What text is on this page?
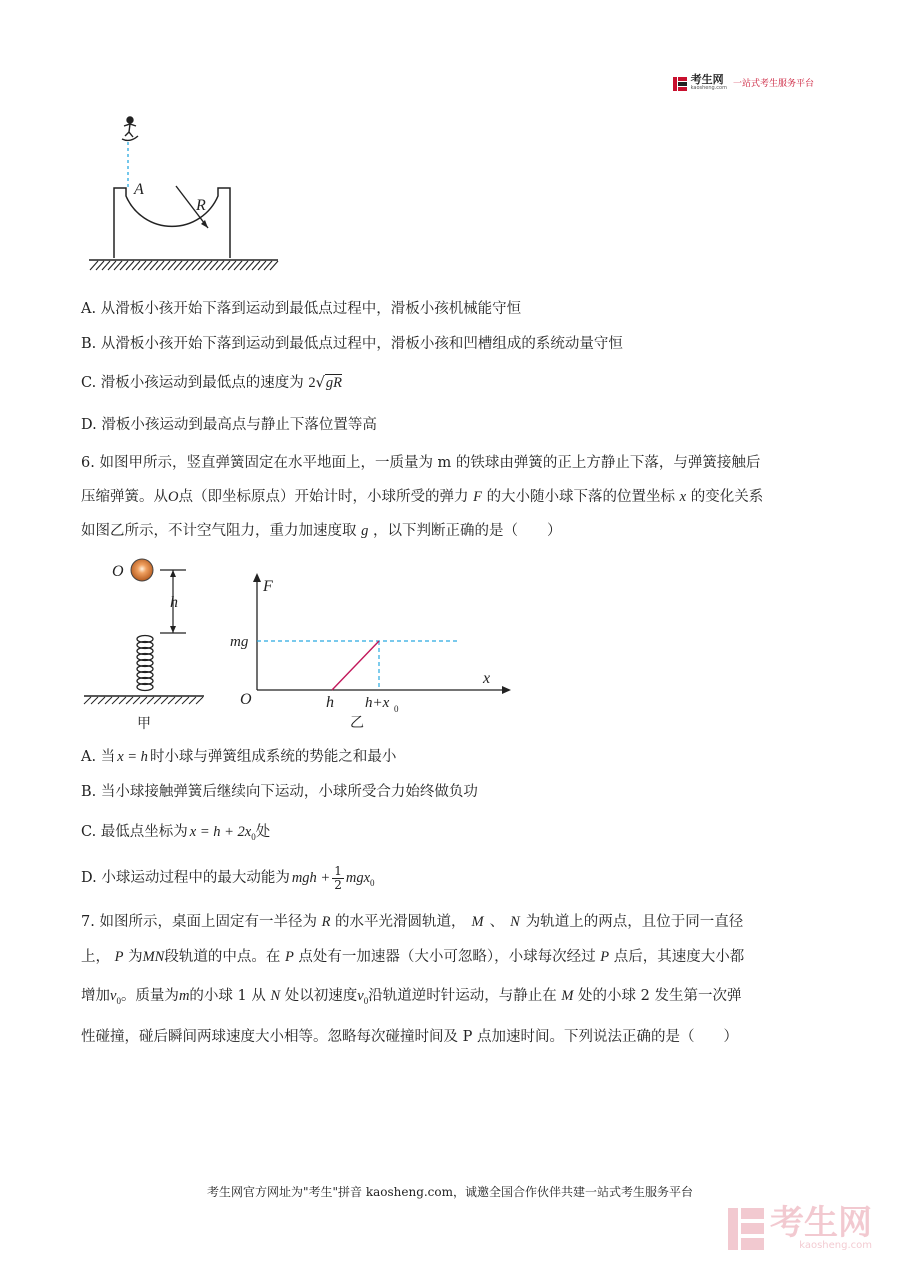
考生网
kaosheng.com 一站式考生服务平台
A
R
A. 从滑板小孩开始下落到运动到最低点过程中，滑板小孩机械能守恒
B. 从滑板小孩开始下落到运动到最低点过程中，滑板小孩和凹槽组成的系统动量守恒
C. 滑板小孩运动到最低点的速度为 2√gR
D. 滑板小孩运动到最高点与静止下落位置等高
6. 如图甲所示，竖直弹簧固定在水平地面上，一质量为 m 的铁球由弹簧的正上方静止下落，与弹簧接触后
压缩弹簧。从O点（即坐标原点）开始计时，小球所受的弹力 F 的大小随小球下落的位置坐标 x 的变化关系
如图乙所示，不计空气阻力，重力加速度取 g ，以下判断正确的是（　　）
O
h
甲
F
mg
x
O	h h+x 0
乙
A. 当 x = h 时小球与弹簧组成系统的势能之和最小
B. 当小球接触弹簧后继续向下运动，小球所受合力始终做负功
C. 最低点坐标为 $x = h + 2x_0$处
D. 小球运动过程中的最大动能为 mgh + $\frac{1}{2} mgx_0$
7. 如图所示，桌面上固定有一半径为 R 的水平光滑圆轨道， M 、 N 为轨道上的两点，且位于同一直径
上， P 为MN段轨道的中点。在 P 点处有一加速器（大小可忽略），小球每次经过 P 点后，其速度大小都
增加$v_0$。质量为m的小球 1 从 N 处以初速度$v_0$沿轨道逆时针运动，与静止在 M 处的小球 2 发生第一次弹
性碰撞，碰后瞬间两球速度大小相等。忽略每次碰撞时间及 P 点加速时间。下列说法正确的是（　　）
考生网官方网址为"考生"拼音 kaosheng.com，诚邀全国合作伙伴共建一站式考生服务平台
考生网
kaosheng.com
